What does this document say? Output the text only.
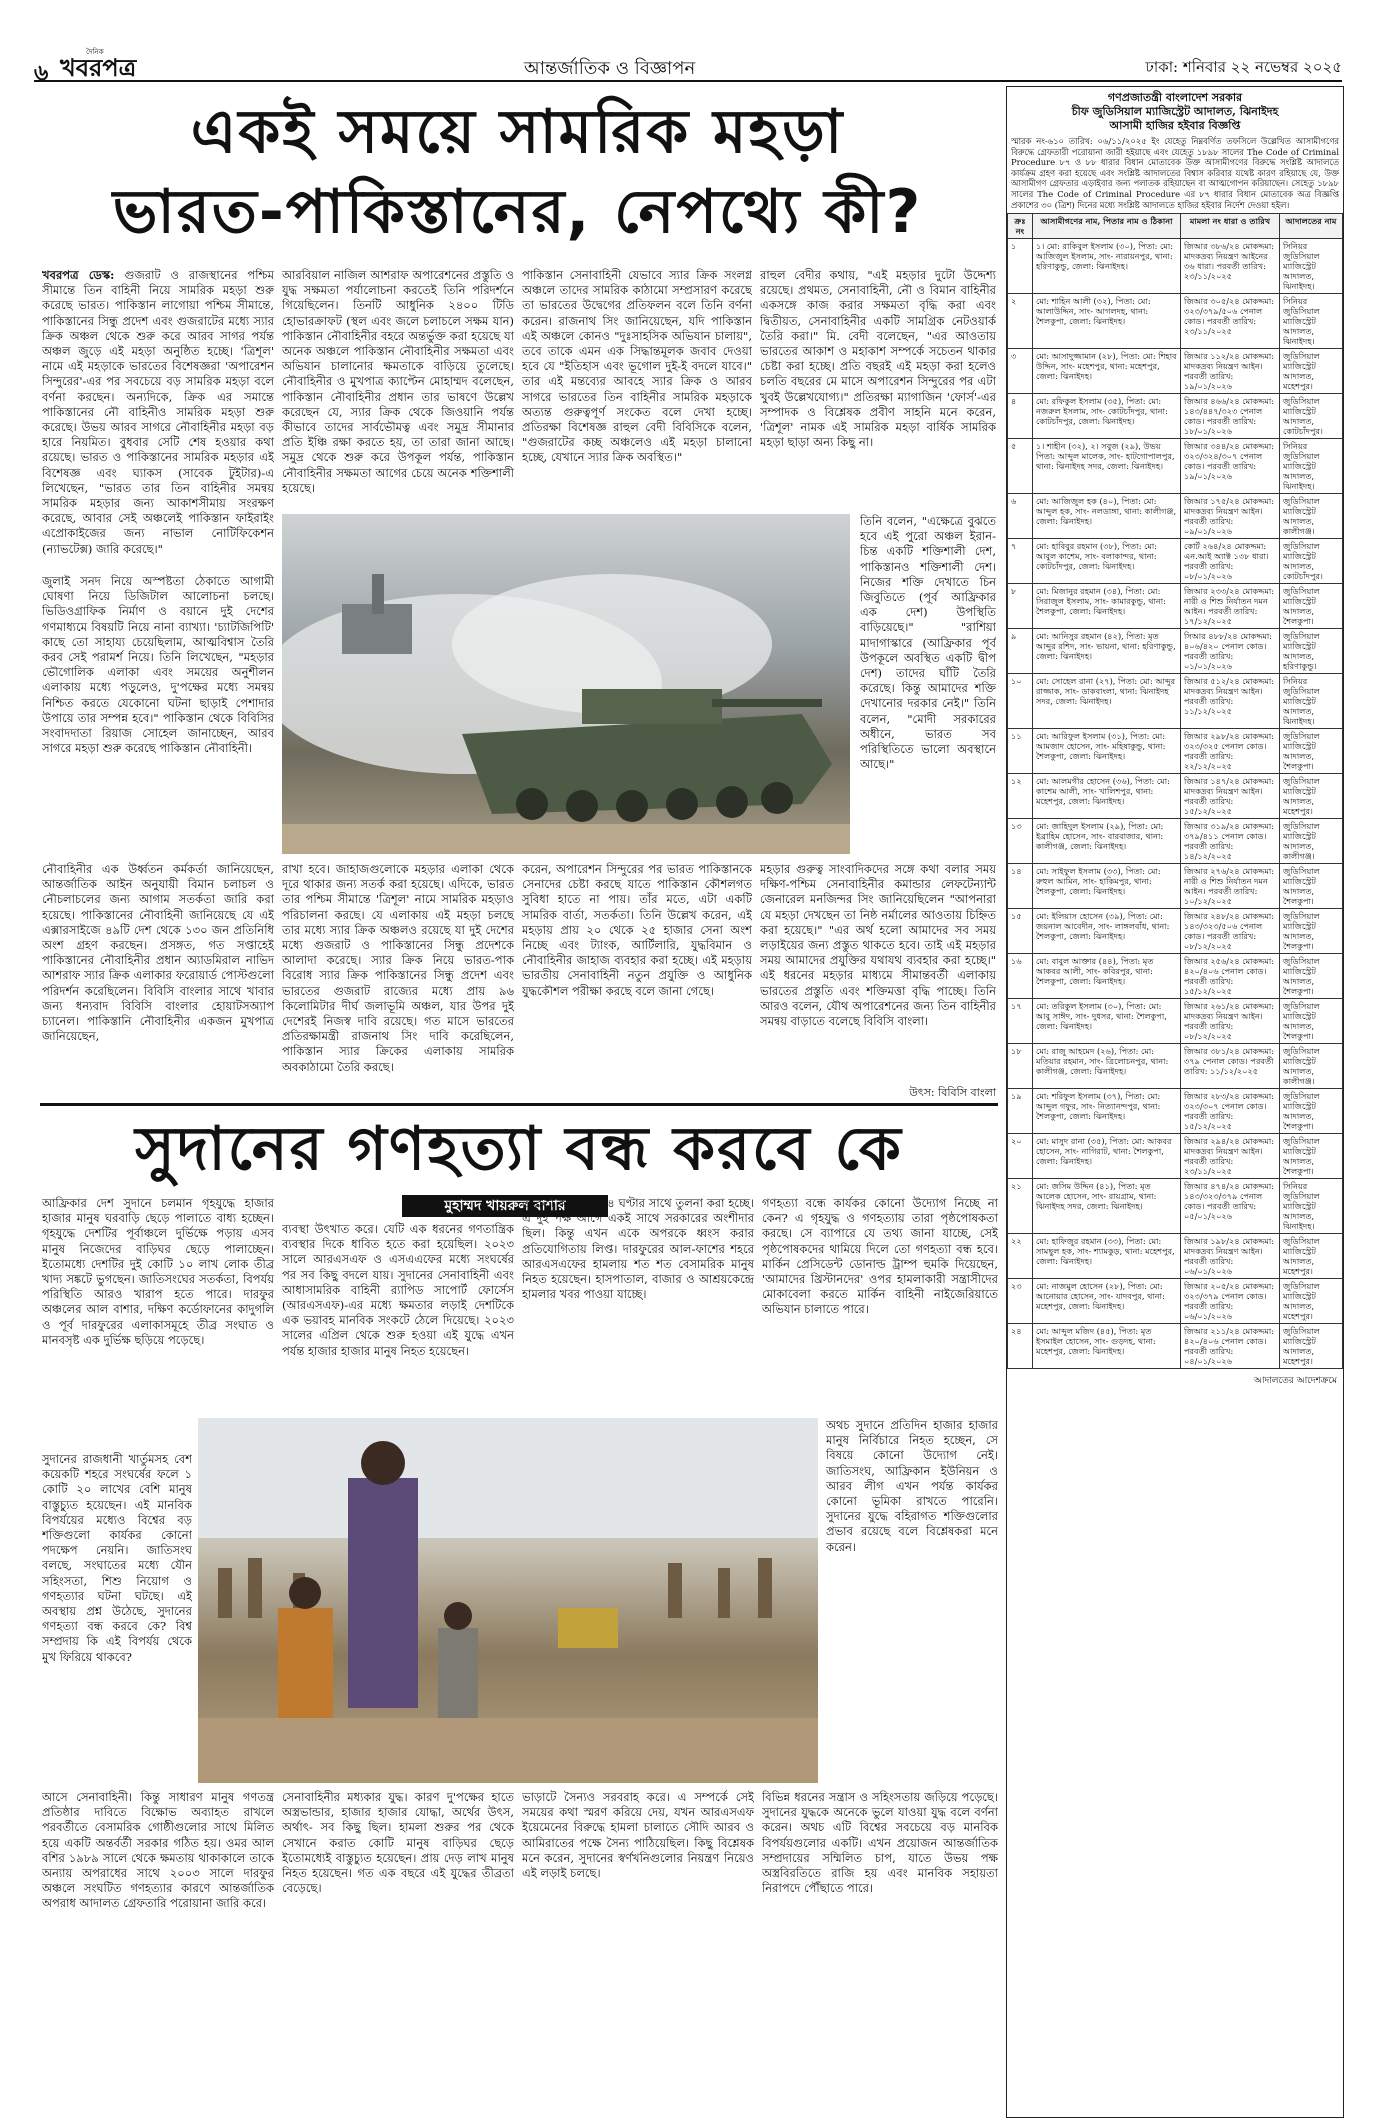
৬
দৈনিক
খবরপত্র	আন্তর্জাতিক ও বিজ্ঞাপন	ঢাকা: শনিবার ২২ নভেম্বর ২০২৫
একই সময়ে সামরিক মহড়া
ভারত-পাকিস্তানের, নেপথ্যে কী?

খবরপত্র ডেস্ক: গুজরাট ও রাজস্থানের পশ্চিম সীমান্তে তিন বাহিনী নিয়ে সামরিক মহড়া শুরু করেছে ভারত। পাকিস্তান লাগোয়া পশ্চিম সীমান্তে, পাকিস্তানের সিন্ধু প্রদেশ এবং গুজরাটের মধ্যে স্যার ক্রিক অঞ্চল থেকে শুরু করে আরব সাগর পর্যন্ত অঞ্চল জুড়ে এই মহড়া অনুষ্ঠিত হচ্ছে। 'ত্রিশূল' নামে এই মহড়াকে ভারতের বিশেষজ্ঞরা 'অপারেশন সিন্দুরের'-এর পর সবচেয়ে বড় সামরিক মহড়া বলে বর্ণনা করছেন। অন্যদিকে, ক্রিক এর সমান্তে পাকিস্তানের নৌ বাহিনীও সামরিক মহড়া শুরু করেছে। উভয় আরব সাগরে নৌবাহিনীর মহড়া বড় হারে নিয়মিত। বুধবার সেটি শেষ হওয়ার কথা রয়েছে। ভারত ও পাকিস্তানের সামরিক মহড়ার এই বিশেষজ্ঞ এবং ঘ্যাকস (সাবেক টুইটার)-এ লিখেছেন, "ভারত তার তিন বাহিনীর সমন্বয় সামরিক মহড়ার জন্য আকাশসীমায় সংরক্ষণ করেছে, আবার সেই অঞ্চলেই পাকিস্তান ফাইরাইং এপ্রোকাইজের জন্য নাভাল নোটিফিকেশন (ন্যাভটেক্স) জারি করেছে।"

জুলাই সনদ নিয়ে অস্পষ্টতা ঠেকাতে আগামী ঘোষণা নিয়ে ডিজিটাল আলোচনা চলছে। ভিডিওগ্রাফিক নির্মাণ ও বয়ানে দুই দেশের গণমাধ্যমে বিষয়টি নিয়ে নানা ব্যাখ্যা। 'চ্যাটজিপিটি' কাছে তো সাহায্য চেয়েছিলাম, আত্মবিশ্বাস তৈরি করব সেই পরামর্শ নিয়ে। তিনি লিখেছেন, "মহড়ার ভৌগোলিক এলাকা এবং সময়ের অনুশীলন এলাকায় মধ্যে পড়ুলেও, দু'পক্ষের মধ্যে সমন্বয় নিশ্চিত করতে যেকোনো ঘটনা ছাড়াই পেশাদার উপায়ে তার সম্পন্ন হবে।" পাকিস্তান থেকে বিবিসির সংবাদদাতা রিয়াজ সোহেল জানাচ্ছেন, আরব সাগরে মহড়া শুরু করেছে পাকিস্তান নৌবাহিনী।

আরবিয়াল নাজিল আশরাফ অপারেশনের প্রস্তুতি ও যুদ্ধ সক্ষমতা পর্যালোচনা করতেই তিনি পরিদর্শনে গিয়েছিলেন। তিনটি আধুনিক ২৪০০ টিডি হোভারক্রাফট (স্থল এবং জলে চলাচলে সক্ষম যান) পাকিস্তান নৌবাহিনীর বহরে অন্তর্ভুক্ত করা হয়েছে যা অনেক অঞ্চলে পাকিস্তান নৌবাহিনীর সক্ষমতা এবং অভিযান চালানোর ক্ষমতাকে বাড়িয়ে তুলেছে। নৌবাহিনীর ও মুখপাত্র ক্যাপ্টেন মোহাম্মদ বলেছেন, পাকিস্তান নৌবাহিনীর প্রধান তার ভাষণে উল্লেখ করেছেন যে, স্যার ক্রিক থেকে জিওয়ানি পর্যন্ত কীভাবে তাদের সার্বভৌমত্ব এবং সমুদ্র সীমানার প্রতি ইঞ্চি রক্ষা করতে হয়, তা তারা জানা আছে। সমুদ্র থেকে শুরু করে উপকূল পর্যন্ত, পাকিস্তান নৌবাহিনীর সক্ষমতা আগের চেয়ে অনেক শক্তিশালী হয়েছে।

পাকিস্তান সেনাবাহিনী যেভাবে স্যার ক্রিক সংলগ্ন অঞ্চলে তাদের সামরিক কাঠামো সম্প্রসারণ করেছে তা ভারতের উদ্বেগের প্রতিফলন বলে তিনি বর্ণনা করেন। রাজনাথ সিং জানিয়েছেন, যদি পাকিস্তান এই অঞ্চলে কোনও "দুঃসাহসিক অভিযান চালায়", তবে তাকে এমন এক সিদ্ধান্তমূলক জবাব দেওয়া হবে যে "ইতিহাস এবং ভূগোল দুই-ই বদলে যাবে।" তার এই মন্তব্যের আবহে স্যার ক্রিক ও আরব সাগরে ভারতের তিন বাহিনীর সামরিক মহড়াকে অত্যন্ত গুরুত্বপূর্ণ সংকেত বলে দেখা হচ্ছে। প্রতিরক্ষা বিশেষজ্ঞ রাহুল বেদী বিবিসিকে বলেন, "গুজরাটের কচ্ছ অঞ্চলেও এই মহড়া চালানো হচ্ছে, যেখানে স্যার ক্রিক অবস্থিত।"

রাহুল বেদীর কথায়, "এই মহড়ার দুটো উদ্দেশ্য রয়েছে। প্রথমত, সেনাবাহিনী, নৌ ও বিমান বাহিনীর একসঙ্গে কাজ করার সক্ষমতা বৃদ্ধি করা এবং দ্বিতীয়ত, সেনাবাহিনীর একটি সামগ্রিক নেটওয়ার্ক তৈরি করা।" মি. বেদী বলেছেন, "এর আওতায় ভারতের আকাশ ও মহাকাশ সম্পর্কে সচেতন থাকার চেষ্টা করা হচ্ছে। প্রতি বছরই এই মহড়া করা হলেও চলতি বছরের মে মাসে অপারেশন সিন্দুরের পর এটা খুবই উল্লেখযোগ্য।" প্রতিরক্ষা ম্যাগাজিন 'ফোর্স'-এর সম্পাদক ও বিশ্লেষক প্রবীণ সাহনি মনে করেন, 'ত্রিশূল' নামক এই সামরিক মহড়া বার্ষিক সামরিক মহড়া ছাড়া অন্য কিছু না।

তিনি বলেন, "এক্ষেত্রে বুঝতে হবে এই পুরো অঞ্চল ইরান-চিন্ত একটি শক্তিশালী দেশ, পাকিস্তানও শক্তিশালী দেশ। নিজের শক্তি দেখাতে চিন জিবুতিতে (পূর্ব আফ্রিকার এক দেশ) উপস্থিতি বাড়িয়েছে।" "রাশিয়া মাদাগাস্কারে (আফ্রিকার পূর্ব উপকূলে অবস্থিত একটি দ্বীপ দেশ) তাদের ঘাঁটি তৈরি করেছে। কিন্তু আমাদের শক্তি দেখানোর দরকার নেই।" তিনি বলেন, "মোদী সরকারের অধীনে, ভারত সব পরিস্থিতিতে ভালো অবস্থানে আছে।"

নৌবাহিনীর এক উর্ধ্বতন কর্মকর্তা জানিয়েছেন, আন্তর্জাতিক আইন অনুযায়ী বিমান চলাচল ও নৌচলাচলের জন্য আগাম সতর্কতা জারি করা হয়েছে। পাকিস্তানের নৌবাহিনী জানিয়েছে যে এই এক্সারসাইজে ৪৯টি দেশ থেকে ১৩০ জন প্রতিনিধি অংশ গ্রহণ করছেন। প্রসঙ্গত, গত সপ্তাহেই পাকিস্তানের নৌবাহিনীর প্রধান অ্যাডমিরাল নাভিদ আশরাফ স্যার ক্রিক এলাকার ফরোয়ার্ড পোস্টগুলো পরিদর্শন করেছিলেন। বিবিসি বাংলার সাথে খাবার জন্য ধন্যবাদ বিবিসি বাংলার হোয়াটসঅ্যাপ চ্যানেল। পাকিস্তানি নৌবাহিনীর একজন মুখপাত্র জানিয়েছেন,

রাখা হবে। জাহাজগুলোকে মহড়ার এলাকা থেকে দূরে থাকার জন্য সতর্ক করা হয়েছে। এদিকে, ভারত তার পশ্চিম সীমান্তে 'ত্রিশূল' নামে সামরিক মহড়াও পরিচালনা করছে। যে এলাকায় এই মহড়া চলছে তার মধ্যে স্যার ক্রিক অঞ্চলও রয়েছে যা দুই দেশের মধ্যে গুজরাট ও পাকিস্তানের সিন্ধু প্রদেশকে আলাদা করেছে। স্যার ক্রিক নিয়ে ভারত-পাক বিরোধ স্যার ক্রিক পাকিস্তানের সিন্ধু প্রদেশ এবং ভারতের গুজরাট রাজ্যের মধ্যে প্রায় ৯৬ কিলোমিটার দীর্ঘ জলাভূমি অঞ্চল, যার উপর দুই দেশেরই নিজস্ব দাবি রয়েছে। গত মাসে ভারতের প্রতিরক্ষামন্ত্রী রাজনাথ সিং দাবি করেছিলেন, পাকিস্তান স্যার ক্রিকের এলাকায় সামরিক অবকাঠামো তৈরি করছে।

করেন, অপারেশন সিন্দুরের পর ভারত পাকিস্তানকে সেনাদের চেষ্টা করছে যাতে পাকিস্তান কৌশলগত সুবিধা হাতে না পায়। তাঁর মতে, এটা একটি সামরিক বার্তা, সতর্কতা। তিনি উল্লেখ করেন, এই মহড়ায় প্রায় ২০ থেকে ২৫ হাজার সেনা অংশ নিচ্ছে এবং ট্যাংক, আর্টিলারি, যুদ্ধবিমান ও নৌবাহিনীর জাহাজ ব্যবহার করা হচ্ছে। এই মহড়ায় ভারতীয় সেনাবাহিনী নতুন প্রযুক্তি ও আধুনিক যুদ্ধকৌশল পরীক্ষা করছে বলে জানা গেছে।

মহড়ার গুরুত্ব সাংবাদিকদের সঙ্গে কথা বলার সময় দক্ষিণ-পশ্চিম সেনাবাহিনীর কমান্ডার লেফটেন্যান্ট জেনারেল মনজিন্দর সিং জানিয়েছিলেন "আপনারা যে মহড়া দেখছেন তা নিষ্ঠ নর্মালের আওতায় চিহ্নিত করা হয়েছে।" "এর অর্থ হলো আমাদের সব সময় লড়াইয়ের জন্য প্রস্তুত থাকতে হবে। তাই এই মহড়ার সময় আমাদের প্রযুক্তির যথাযথ ব্যবহার করা হচ্ছে।" এই ধরনের মহড়ার মাধ্যমে সীমান্তবর্তী এলাকায় ভারতের প্রস্তুতি এবং শক্তিমত্তা বৃদ্ধি পাচ্ছে। তিনি আরও বলেন, যৌথ অপারেশনের জন্য তিন বাহিনীর সমন্বয় বাড়াতে বলেছে বিবিসি বাংলা।

উৎস: বিবিসি বাংলা
সুদানের গণহত্যা বন্ধ করবে কে
মুহাম্মদ খায়রুল বাশার

আফ্রিকার দেশ সুদানে চলমান গৃহযুদ্ধে হাজার হাজার মানুষ ঘরবাড়ি ছেড়ে পালাতে বাধ্য হচ্ছেন। গৃহযুদ্ধে দেশটির পূর্বাঞ্চলে দুর্ভিক্ষে পড়ায় এসব মানুষ নিজেদের বাড়িঘর ছেড়ে পালাচ্ছেন। ইতোমধ্যে দেশটির দুই কোটি ১০ লাখ লোক তীব্র খাদ্য সঙ্কটে ভুগছেন। জাতিসংঘের সতর্কতা, বিপর্যয় পরিস্থিতি আরও খারাপ হতে পারে। দারফুর অঞ্চলের আল বাশার, দক্ষিণ কর্ডোফানের কাদুগলি ও পূর্ব দারফুরের এলাকাসমূহে তীব্র সংঘাত ও মানবসৃষ্ট এক দুর্ভিক্ষ ছড়িয়ে পড়েছে।

ব্যবস্থা উৎখাত করে। যেটি এক ধরনের গণতান্ত্রিক ব্যবস্থার দিকে ধাবিত হতে করা হয়েছিল। ২০২৩ সালে আরএসএফ ও এসএএফের মধ্যে সংঘর্ষের পর সব কিছু বদলে যায়। সুদানের সেনাবাহিনী এবং আধাসামরিক বাহিনী র‍্যাপিড সাপোর্ট ফোর্সেস (আরএসএফ)-এর মধ্যে ক্ষমতার লড়াই দেশটিকে এক ভয়াবহ মানবিক সংকটে ঠেলে দিয়েছে। ২০২৩ সালের এপ্রিল থেকে শুরু হওয়া এই যুদ্ধে এখন পর্যন্ত হাজার হাজার মানুষ নিহত হয়েছেন।

তীব্রতা কয়াজার ২৪ ঘণ্টার সাথে তুলনা করা হচ্ছে। এ দুই পক্ষ আগে একই সাথে সরকারের অংশীদার ছিল। কিন্তু এখন একে অপরকে ধ্বংস করার প্রতিযোগিতায় লিপ্ত। দারফুরের আল-ফাশের শহরে আরএসএফের হামলায় শত শত বেসামরিক মানুষ নিহত হয়েছেন। হাসপাতাল, বাজার ও আশ্রয়কেন্দ্রে হামলার খবর পাওয়া যাচ্ছে।

গণহত্যা বন্ধে কার্যকর কোনো উদ্যোগ নিচ্ছে না কেন? এ গৃহযুদ্ধ ও গণহত্যায় তারা পৃষ্ঠপোষকতা করছে। সে ব্যাপারে যে তথ্য জানা যাচ্ছে, সেই পৃষ্ঠপোষকদের থামিয়ে দিলে তো গণহত্যা বন্ধ হবে। মার্কিন প্রেসিডেন্ট ডোনাল্ড ট্রাম্প হুমকি দিয়েছেন, 'আমাদের খ্রিস্টানদের' ওপর হামলাকারী সন্ত্রাসীদের মোকাবেলা করতে মার্কিন বাহিনী নাইজেরিয়াতে অভিযান চালাতে পারে।

সুদানের রাজধানী খার্তুমসহ বেশ কয়েকটি শহরে সংঘর্ষের ফলে ১ কোটি ২০ লাখের বেশি মানুষ বাস্তুচ্যুত হয়েছেন। এই মানবিক বিপর্যয়ের মধ্যেও বিশ্বের বড় শক্তিগুলো কার্যকর কোনো পদক্ষেপ নেয়নি। জাতিসংঘ বলছে, সংঘাতের মধ্যে যৌন সহিংসতা, শিশু নিয়োগ ও গণহত্যার ঘটনা ঘটছে। এই অবস্থায় প্রশ্ন উঠেছে, সুদানের গণহত্যা বন্ধ করবে কে? বিশ্ব সম্প্রদায় কি এই বিপর্যয় থেকে মুখ ফিরিয়ে থাকবে?

অথচ সুদানে প্রতিদিন হাজার হাজার মানুষ নির্বিচারে নিহত হচ্ছেন, সে বিষয়ে কোনো উদ্যোগ নেই। জাতিসংঘ, আফ্রিকান ইউনিয়ন ও আরব লীগ এখন পর্যন্ত কার্যকর কোনো ভূমিকা রাখতে পারেনি। সুদানের যুদ্ধে বহিরাগত শক্তিগুলোর প্রভাব রয়েছে বলে বিশ্লেষকরা মনে করেন।

আসে সেনাবাহিনী। কিন্তু সাধারণ মানুষ গণতন্ত্র প্রতিষ্ঠার দাবিতে বিক্ষোভ অব্যাহত রাখলে পরবর্তীতে বেসামরিক গোষ্ঠীগুলোর সাথে মিলিত হয়ে একটি অন্তর্বর্তী সরকার গঠিত হয়। ওমর আল বশির ১৯৮৯ সালে থেকে ক্ষমতায় থাকাকালে তাকে অন্যায় অপরাধের সাথে ২০০৩ সালে দারফুর অঞ্চলে সংঘটিত গণহত্যার কারণে আন্তর্জাতিক অপরাধ আদালত গ্রেফতারি পরোয়ানা জারি করে।

সেনাবাহিনীর মধ্যকার যুদ্ধ। কারণ দু'পক্ষের হাতে অস্ত্রভান্ডার, হাজার হাজার যোদ্ধা, অর্থের উৎস, অর্থাৎ- সব কিছু ছিল। হামলা শুরুর পর থেকে সেখানে করাত কোটি মানুষ বাড়িঘর ছেড়ে ইতোমধ্যেই বাস্তুচ্যুত হয়েছেন। প্রায় দেড় লাখ মানুষ নিহত হয়েছেন। গত এক বছরে এই যুদ্ধের তীব্রতা বেড়েছে।

ভাড়াটে সৈন্যও সরবরাহ করে। এ সম্পর্কে সেই সময়ের কথা স্মরণ করিয়ে দেয়, যখন আরএসএফ ইয়েমেনের বিরুদ্ধে হামলা চালাতে সৌদি আরব ও আমিরাতের পক্ষে সৈন্য পাঠিয়েছিল। কিছু বিশ্লেষক মনে করেন, সুদানের স্বর্ণখনিগুলোর নিয়ন্ত্রণ নিয়েও এই লড়াই চলছে।

বিভিন্ন ধরনের সন্ত্রাস ও সহিংসতায় জড়িয়ে পড়েছে। সুদানের যুদ্ধকে অনেকে ভুলে যাওয়া যুদ্ধ বলে বর্ণনা করেন। অথচ এটি বিশ্বের সবচেয়ে বড় মানবিক বিপর্যয়গুলোর একটি। এখন প্রয়োজন আন্তর্জাতিক সম্প্রদায়ের সম্মিলিত চাপ, যাতে উভয় পক্ষ অস্ত্রবিরতিতে রাজি হয় এবং মানবিক সহায়তা নিরাপদে পৌঁছাতে পারে।

গণপ্রজাতন্ত্রী বাংলাদেশ সরকার
চীফ জুডিসিয়াল ম্যাজিস্ট্রেট আদালত, ঝিনাইদহ
আসামী হাজির হইবার বিজ্ঞপ্তি
স্মারক নং-৬১০ তারিখ: ০৬/১১/২০২৫ ইং যেহেতু নিম্নবর্ণিত তফসিলে উল্লেখিত আসামীগণের বিরুদ্ধে গ্রেফতারী পরোয়ানা জারী হইয়াছে এবং যেহেতু ১৮৯৮ সালের The Code of Criminal Procedure ৮৭ ও ৮৮ ধারার বিধান মোতাবেক উক্ত আসামীগণের বিরুদ্ধে সংশ্লিষ্ট আদালতে কার্যক্রম গ্রহণ করা হয়েছে এবং সংশ্লিষ্ট আদালতের বিশ্বাস করিবার যথেষ্ট কারণ রহিয়াছে যে, উক্ত আসামীগণ গ্রেফতার এড়াইবার জন্য পলাতক রহিয়াছেন বা আত্মগোপন করিয়াছেন। সেহেতু ১৮৯৮ সালের The Code of Criminal Procedure এর ৮৭ ধারার বিধান মোতাবেক অত্র বিজ্ঞপ্তি প্রকাশের ৩০ (ত্রিশ) দিনের মধ্যে সংশ্লিষ্ট আদালতে হাজির হইবার নির্দেশ দেওয়া হইল।
ক্রঃ নং	আসামীগণের নাম, পিতার নাম ও ঠিকানা	মামলা নং ধারা ও তারিখ	আদালতের নাম
১	১। মো: রাকিবুল ইসলাম (৩০), পিতা: মো: আজিজুল ইসলাম, সাং- নারায়নপুর, থানা: হরিণাকুন্ডু, জেলা: ঝিনাইদহ।	জিআর ৩৮৬/২৪ মোকদ্দমা: মাদকদ্রব্য নিয়ন্ত্রণ আইনের ৩৬ ধারা। পরবর্তী তারিখ: ২৩/১১/২০২৫	সিনিয়র জুডিসিয়াল ম্যাজিস্ট্রেট আদালত, ঝিনাইদহ।
২	মো: শাহিন আলী (৩২), পিতা: মো: আলাউদ্দিন, সাং- আগলদহ, থানা: শৈলকুপা, জেলা: ঝিনাইদহ।	জিআর ৩০৫/২৪ মোকদ্দমা: ৩২৩/৩৭৯/৫০৬ পেনাল কোড। পরবর্তী তারিখ: ২৩/১১/২০২৫	সিনিয়র জুডিসিয়াল ম্যাজিস্ট্রেট আদালত, ঝিনাইদহ।
৩	মো: আসাদুজ্জামান (২৮), পিতা: মো: শিহাব উদ্দিন, সাং- মহেশপুর, থানা: মহেশপুর, জেলা: ঝিনাইদহ।	জিআর ১১২/২৪ মোকদ্দমা: মাদকদ্রব্য নিয়ন্ত্রণ আইন। পরবর্তী তারিখ: ১৯/০১/২০২৬	জুডিসিয়াল ম্যাজিস্ট্রেট আদালত, মহেশপুর।
৪	মো: রফিকুল ইসলাম (৩৫), পিতা: মো: নজরুল ইসলাম, সাং- কোটচাঁদপুর, থানা: কোটচাঁদপুর, জেলা: ঝিনাইদহ।	জিআর ৪৬৬/২৪ মোকদ্দমা: ১৪৩/৪৪৭/৩২৩ পেনাল কোড। পরবর্তী তারিখ: ১৮/০১/২০২৬	জুডিসিয়াল ম্যাজিস্ট্রেট আদালত, কোটচাঁদপুর।
৫	১। শাহীন (৩২), ২। সবুজ (২৯), উভয় পিতা: আব্দুল মালেক, সাং- হাটগোপালপুর, থানা: ঝিনাইদহ সদর, জেলা: ঝিনাইদহ।	জিআর ৩৪৪/২৪ মোকদ্দমা: ৩২৩/৩২৪/৩০৭ পেনাল কোড। পরবর্তী তারিখ: ১৯/০১/২০২৬	সিনিয়র জুডিসিয়াল ম্যাজিস্ট্রেট আদালত, ঝিনাইদহ।
৬	মো: আজিজুল হক (৪০), পিতা: মো: আব্দুল হক, সাং- নলডাঙ্গা, থানা: কালীগঞ্জ, জেলা: ঝিনাইদহ।	জিআর ১৭৫/২৪ মোকদ্দমা: মাদকদ্রব্য নিয়ন্ত্রণ আইন। পরবর্তী তারিখ: ০৯/০১/২০২৬	জুডিসিয়াল ম্যাজিস্ট্রেট আদালত, কালীগঞ্জ।
৭	মো: হাবিবুর রহমান (৩৮), পিতা: মো: আবুল কাশেম, সাং- বলাকান্দর, থানা: কোটচাঁদপুর, জেলা: ঝিনাইদহ।	কোর্ট ২৬৪/২৪ মোকদ্দমা: এন.আই অ্যাক্ট ১৩৮ ধারা। পরবর্তী তারিখ: ০৮/০১/২০২৬	জুডিসিয়াল ম্যাজিস্ট্রেট আদালত, কোটচাঁদপুর।
৮	মো: মিজানুর রহমান (৩৪), পিতা: মো: সিরাজুল ইসলাম, সাং- কামারকুন্ডু, থানা: শৈলকুপা, জেলা: ঝিনাইদহ।	জিআর ২৩৩/২৪ মোকদ্দমা: নারী ও শিশু নির্যাতন দমন আইন। পরবর্তী তারিখ: ১৭/১২/২০২৫	জুডিসিয়াল ম্যাজিস্ট্রেট আদালত, শৈলকুপা।
৯	মো: আনিসুর রহমান (৪২), পিতা: মৃত আব্দুর রশিদ, সাং- ভায়না, থানা: হরিণাকুন্ডু, জেলা: ঝিনাইদহ।	সিআর ৪৮৮/২৪ মোকদ্দমা: ৪০৬/৪২০ পেনাল কোড। পরবর্তী তারিখ: ০১/০১/২০২৬	জুডিসিয়াল ম্যাজিস্ট্রেট আদালত, হরিণাকুন্ডু।
১০	মো: সোহেল রানা (২৭), পিতা: মো: আব্দুর রাজ্জাক, সাং- ডাকবাংলা, থানা: ঝিনাইদহ সদর, জেলা: ঝিনাইদহ।	জিআর ৫১২/২৪ মোকদ্দমা: মাদকদ্রব্য নিয়ন্ত্রণ আইন। পরবর্তী তারিখ: ১১/১২/২০২৫	সিনিয়র জুডিসিয়াল ম্যাজিস্ট্রেট আদালত, ঝিনাইদহ।
১১	মো: আরিফুল ইসলাম (৩১), পিতা: মো: আমজাদ হোসেন, সাং- মহিষাকুন্ডু, থানা: শৈলকুপা, জেলা: ঝিনাইদহ।	জিআর ২৯৮/২৪ মোকদ্দমা: ৩২৩/৩২৫ পেনাল কোড। পরবর্তী তারিখ: ২২/১২/২০২৫	জুডিসিয়াল ম্যাজিস্ট্রেট আদালত, শৈলকুপা।
১২	মো: আলমগীর হোসেন (৩৬), পিতা: মো: কাশেম আলী, সাং- খালিশপুর, থানা: মহেশপুর, জেলা: ঝিনাইদহ।	জিআর ১৪৭/২৪ মোকদ্দমা: মাদকদ্রব্য নিয়ন্ত্রণ আইন। পরবর্তী তারিখ: ১৫/১২/২০২৫	জুডিসিয়াল ম্যাজিস্ট্রেট আদালত, মহেশপুর।
১৩	মো: জাহিদুল ইসলাম (২৯), পিতা: মো: ইব্রাহিম হোসেন, সাং- বারবাজার, থানা: কালীগঞ্জ, জেলা: ঝিনাইদহ।	জিআর ৩১৯/২৪ মোকদ্দমা: ৩৭৯/৪১১ পেনাল কোড। পরবর্তী তারিখ: ১৪/১২/২০২৫	জুডিসিয়াল ম্যাজিস্ট্রেট আদালত, কালীগঞ্জ।
১৪	মো: সাইফুল ইসলাম (৩৩), পিতা: মো: রুহুল আমিন, সাং- হাকিমপুর, থানা: শৈলকুপা, জেলা: ঝিনাইদহ।	জিআর ২৭৬/২৪ মোকদ্দমা: নারী ও শিশু নির্যাতন দমন আইন। পরবর্তী তারিখ: ১০/১২/২০২৫	জুডিসিয়াল ম্যাজিস্ট্রেট আদালত, শৈলকুপা।
১৫	মো: ইলিয়াস হোসেন (৩৯), পিতা: মো: জয়নাল আবেদীন, সাং- লাঙ্গলবাঁধ, থানা: শৈলকুপা, জেলা: ঝিনাইদহ।	জিআর ২৪৮/২৪ মোকদ্দমা: ১৪৩/৩২৩/৫০৬ পেনাল কোড। পরবর্তী তারিখ: ০৮/১২/২০২৫	জুডিসিয়াল ম্যাজিস্ট্রেট আদালত, শৈলকুপা।
১৬	মো: বাবুল আক্তার (৪৪), পিতা: মৃত আকবর আলী, সাং- কবিরপুর, থানা: শৈলকুপা, জেলা: ঝিনাইদহ।	জিআর ২৫৬/২৪ মোকদ্দমা: ৪২০/৪০৬ পেনাল কোড। পরবর্তী তারিখ: ১৫/১২/২০২৫	জুডিসিয়াল ম্যাজিস্ট্রেট আদালত, শৈলকুপা।
১৭	মো: তরিকুল ইসলাম (৩০), পিতা: মো: আবু সাঈদ, সাং- দুধসর, থানা: শৈলকুপা, জেলা: ঝিনাইদহ।	জিআর ২৬১/২৪ মোকদ্দমা: মাদকদ্রব্য নিয়ন্ত্রণ আইন। পরবর্তী তারিখ: ০৮/১২/২০২৫	জুডিসিয়াল ম্যাজিস্ট্রেট আদালত, শৈলকুপা।
১৮	মো: রাজু আহমেদ (২৬), পিতা: মো: মতিয়ার রহমান, সাং- ত্রিলোচনপুর, থানা: কালীগঞ্জ, জেলা: ঝিনাইদহ।	জিআর ৩৮১/২৪ মোকদ্দমা: ৩৭৯ পেনাল কোড। পরবর্তী তারিখ: ১১/১২/২০২৫	জুডিসিয়াল ম্যাজিস্ট্রেট আদালত, কালীগঞ্জ।
১৯	মো: শরিফুল ইসলাম (৩৭), পিতা: মো: আব্দুল গফুর, সাং- নিত্যানন্দপুর, থানা: শৈলকুপা, জেলা: ঝিনাইদহ।	জিআর ২৮৩/২৪ মোকদ্দমা: ৩২৩/৩০৭ পেনাল কোড। পরবর্তী তারিখ: ১৫/১২/২০২৫	জুডিসিয়াল ম্যাজিস্ট্রেট আদালত, শৈলকুপা।
২০	মো: মাসুদ রানা (৩৫), পিতা: মো: আকবর হোসেন, সাং- নাগিরাট, থানা: শৈলকুপা, জেলা: ঝিনাইদহ।	জিআর ২৯৪/২৪ মোকদ্দমা: মাদকদ্রব্য নিয়ন্ত্রণ আইন। পরবর্তী তারিখ: ২৩/১১/২০২৫	জুডিসিয়াল ম্যাজিস্ট্রেট আদালত, শৈলকুপা।
২১	মো: জসিম উদ্দিন (৪১), পিতা: মৃত আলেক হোসেন, সাং- রায়গ্রাম, থানা: ঝিনাইদহ সদর, জেলা: ঝিনাইদহ।	জিআর ৪৭৪/২৪ মোকদ্দমা: ১৪৩/৩২৩/৩৭৯ পেনাল কোড। পরবর্তী তারিখ: ০৫/০১/২০২৬	সিনিয়র জুডিসিয়াল ম্যাজিস্ট্রেট আদালত, ঝিনাইদহ।
২২	মো: হাফিজুর রহমান (৩৩), পিতা: মো: সামছুল হক, সাং- শ্যামকুড়, থানা: মহেশপুর, জেলা: ঝিনাইদহ।	জিআর ১৯৮/২৪ মোকদ্দমা: মাদকদ্রব্য নিয়ন্ত্রণ আইন। পরবর্তী তারিখ: ০৬/০১/২০২৬	জুডিসিয়াল ম্যাজিস্ট্রেট আদালত, মহেশপুর।
২৩	মো: নাজমুল হোসেন (২৮), পিতা: মো: আনোয়ার হোসেন, সাং- যাদবপুর, থানা: মহেশপুর, জেলা: ঝিনাইদহ।	জিআর ২০৫/২৪ মোকদ্দমা: ৩২৩/৩৭৯ পেনাল কোড। পরবর্তী তারিখ: ০৬/০১/২০২৬	জুডিসিয়াল ম্যাজিস্ট্রেট আদালত, মহেশপুর।
২৪	মো: আব্দুল মজিদ (৪৫), পিতা: মৃত ইসমাইল হোসেন, সাং- গুড়দহ, থানা: মহেশপুর, জেলা: ঝিনাইদহ।	জিআর ২১১/২৪ মোকদ্দমা: ৪২০/৪০৬ পেনাল কোড। পরবর্তী তারিখ: ০৪/০১/২০২৬	জুডিসিয়াল ম্যাজিস্ট্রেট আদালত, মহেশপুর।
আদালতের আদেশক্রমে
